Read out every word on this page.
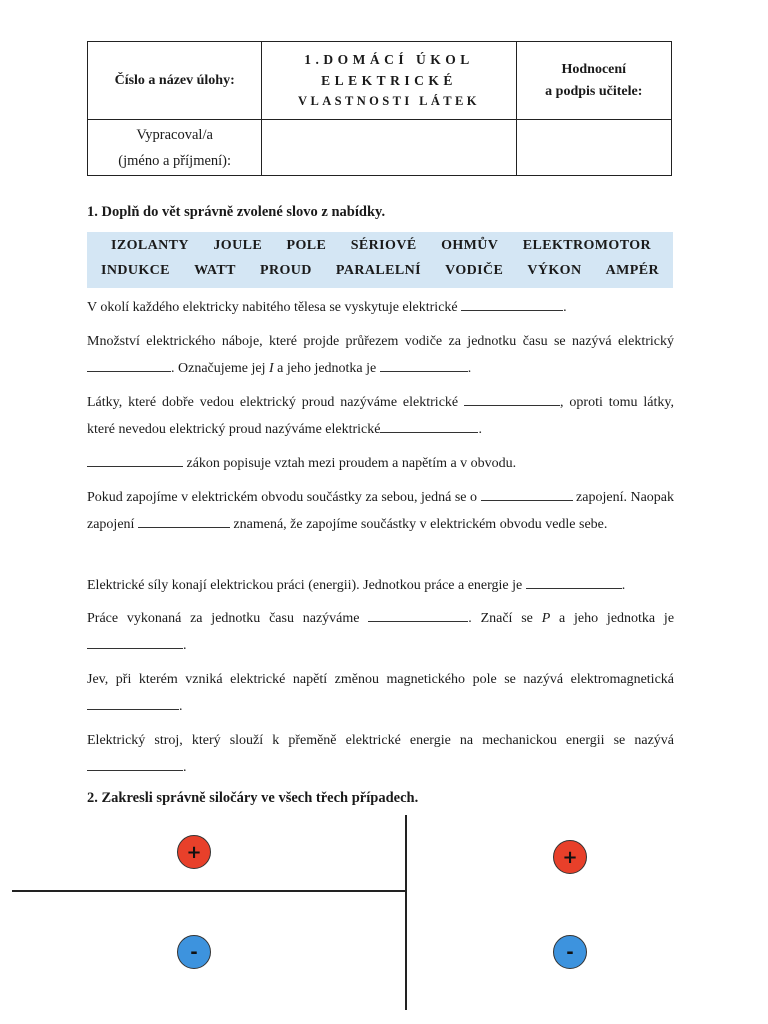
Číslo a název úlohy:	1.DOMÁCÍ ÚKOL
ELEKTRICKÉ
VLASTNOSTI LÁTEK	Hodnocení
a podpis učitele:

Vypracoval/a
(jméno a příjmení):		

1. Doplň do vět správně zvolené slovo z nabídky.
IZOLANTY JOULE POLE SÉRIOVÉ OHMŮV ELEKTROMOTOR
INDUKCE WATT PROUD PARALELNÍ VODIČE VÝKON AMPÉR

V okolí každého elektricky nabitého tělesa se vyskytuje elektrické	.

Množství elektrického náboje, které projde průřezem vodiče za jednotku času se nazývá elektrický . Označujeme jej I a jeho jednotka je	.

Látky, které dobře vedou elektrický proud nazýváme elektrické	, oproti tomu látky, které nevedou elektrický proud nazýváme elektrické	.

zákon popisuje vztah mezi proudem a napětím a v obvodu.

Pokud zapojíme v elektrickém obvodu součástky za sebou, jedná se o	zapojení. Naopak zapojení	znamená, že zapojíme součástky v elektrickém obvodu vedle sebe.

Elektrické síly konají elektrickou práci (energii). Jednotkou práce a energie je	.

Práce vykonaná za jednotku času nazýváme	. Značí se P a jeho jednotka je .

Jev, při kterém vzniká elektrické napětí změnou magnetického pole se nazývá elektromagnetická .

Elektrický stroj, který slouží k přeměně elektrické energie na mechanickou energii se nazývá .

2. Zakresli správně siločáry ve všech třech případech.
+
-
+
-
